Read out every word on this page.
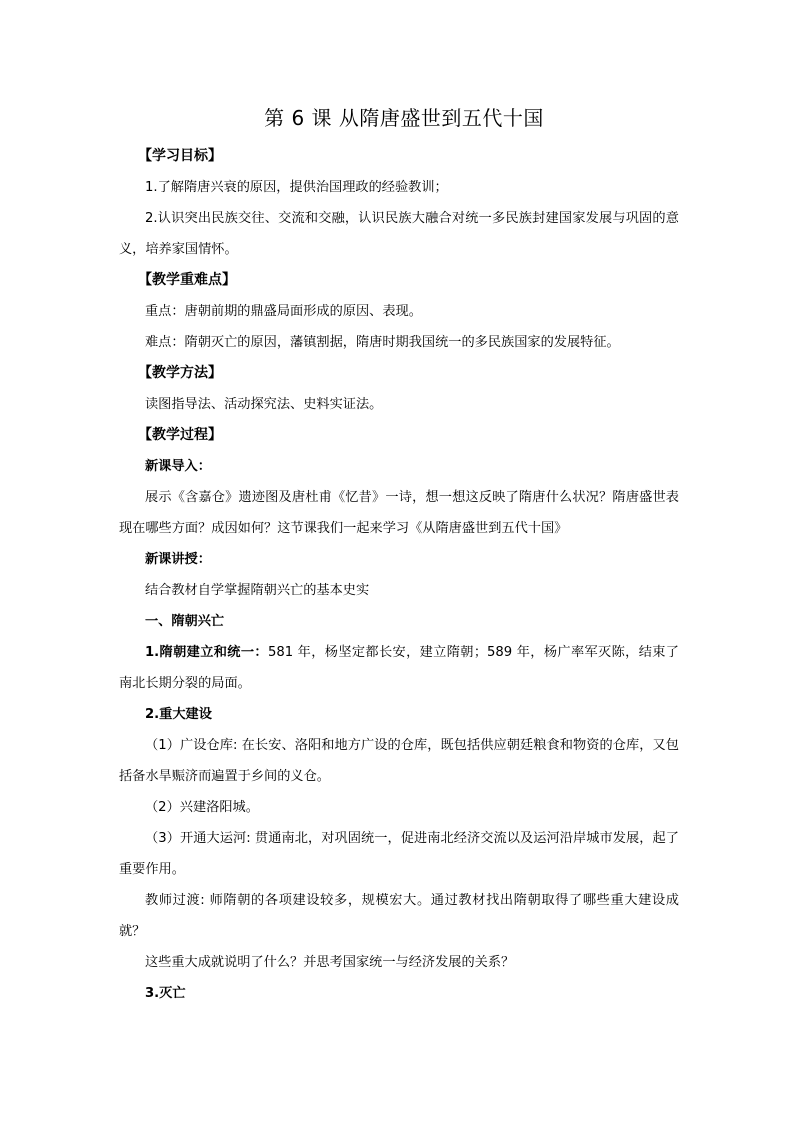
第 6 课 从隋唐盛世到五代十国

【学习目标】

1.了解隋唐兴衰的原因，提供治国理政的经验教训；

2.认识突出民族交往、交流和交融，认识民族大融合对统一多民族封建国家发展与巩固的意义，培养家国情怀。

【教学重难点】

重点：唐朝前期的鼎盛局面形成的原因、表现。

难点：隋朝灭亡的原因，藩镇割据，隋唐时期我国统一的多民族国家的发展特征。

【教学方法】

读图指导法、活动探究法、史料实证法。

【教学过程】

新课导入：

展示《含嘉仓》遗迹图及唐杜甫《忆昔》一诗，想一想这反映了隋唐什么状况？隋唐盛世表现在哪些方面？成因如何？这节课我们一起来学习《从隋唐盛世到五代十国》

新课讲授：

结合教材自学掌握隋朝兴亡的基本史实

一、隋朝兴亡

1.隋朝建立和统一：581 年，杨坚定都长安，建立隋朝；589 年，杨广率军灭陈，结束了南北长期分裂的局面。

2.重大建设

（1）广设仓库: 在长安、洛阳和地方广设的仓库，既包括供应朝廷粮食和物资的仓库，又包括备水旱赈济而遍置于乡间的义仓。

（2）兴建洛阳城。

（3）开通大运河: 贯通南北，对巩固统一，促进南北经济交流以及运河沿岸城市发展，起了重要作用。

教师过渡: 师隋朝的各项建设较多，规模宏大。通过教材找出隋朝取得了哪些重大建设成就？

这些重大成就说明了什么？并思考国家统一与经济发展的关系？

3.灭亡
